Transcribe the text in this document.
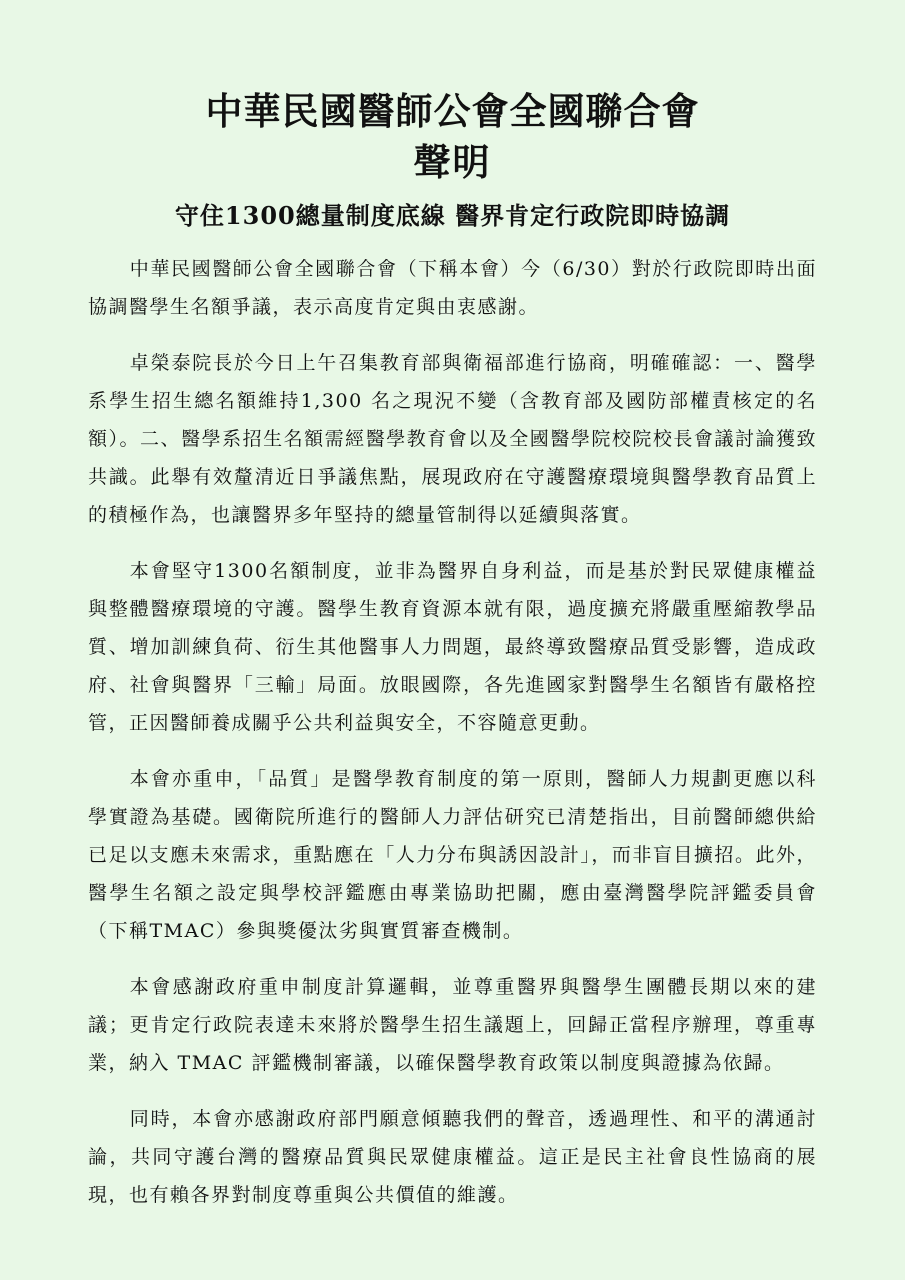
中華民國醫師公會全國聯合會
聲明
守住1300總量制度底線 醫界肯定行政院即時協調

中華民國醫師公會全國聯合會（下稱本會）今（6/30）對於行政院即時出面協調醫學生名額爭議，表示高度肯定與由衷感謝。

卓榮泰院長於今日上午召集教育部與衛福部進行協商，明確確認：一、醫學系學生招生總名額維持1,300 名之現況不變（含教育部及國防部權責核定的名額）。二、醫學系招生名額需經醫學教育會以及全國醫學院校院校長會議討論獲致共識。此舉有效釐清近日爭議焦點，展現政府在守護醫療環境與醫學教育品質上的積極作為，也讓醫界多年堅持的總量管制得以延續與落實。

本會堅守1300名額制度，並非為醫界自身利益，而是基於對民眾健康權益與整體醫療環境的守護。醫學生教育資源本就有限，過度擴充將嚴重壓縮教學品質、增加訓練負荷、衍生其他醫事人力問題，最終導致醫療品質受影響，造成政府、社會與醫界「三輸」局面。放眼國際，各先進國家對醫學生名額皆有嚴格控管，正因醫師養成關乎公共利益與安全，不容隨意更動。

本會亦重申，「品質」是醫學教育制度的第一原則，醫師人力規劃更應以科學實證為基礎。國衛院所進行的醫師人力評估研究已清楚指出，目前醫師總供給已足以支應未來需求，重點應在「人力分布與誘因設計」，而非盲目擴招。此外，醫學生名額之設定與學校評鑑應由專業協助把關，應由臺灣醫學院評鑑委員會（下稱TMAC）參與獎優汰劣與實質審查機制。

本會感謝政府重申制度計算邏輯，並尊重醫界與醫學生團體長期以來的建議；更肯定行政院表達未來將於醫學生招生議題上，回歸正當程序辦理，尊重專業，納入 TMAC 評鑑機制審議，以確保醫學教育政策以制度與證據為依歸。

同時，本會亦感謝政府部門願意傾聽我們的聲音，透過理性、和平的溝通討論，共同守護台灣的醫療品質與民眾健康權益。這正是民主社會良性協商的展現，也有賴各界對制度尊重與公共價值的維護。
